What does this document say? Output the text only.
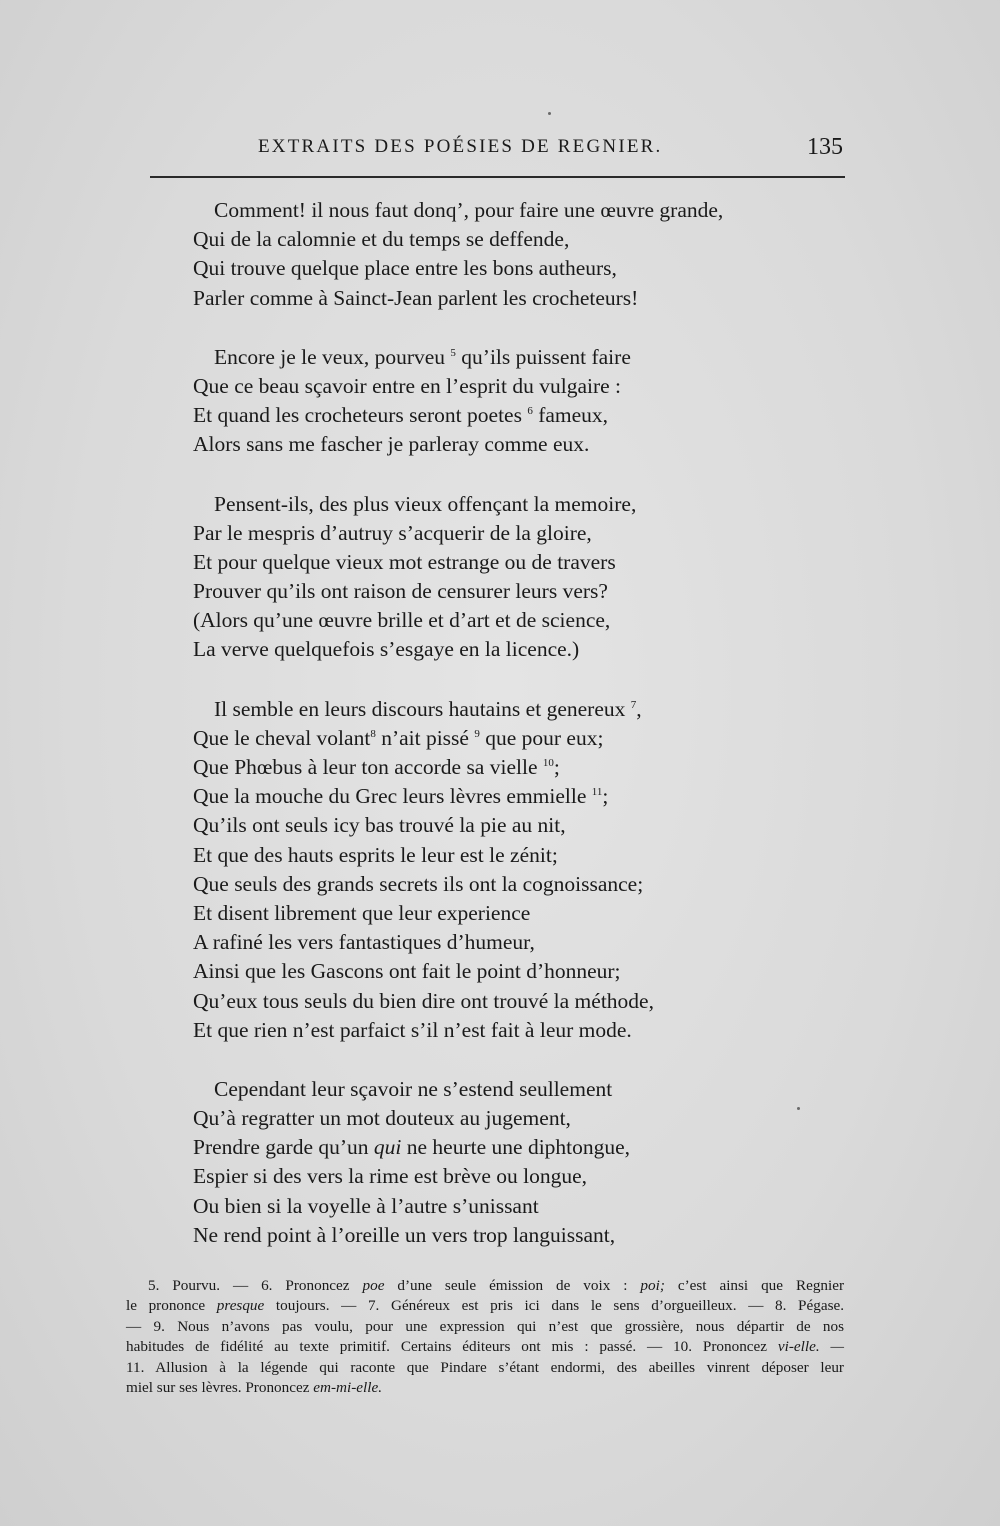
EXTRAITS DES POÉSIES DE REGNIER.	135
Comment! il nous faut donq’, pour faire une œuvre grande,
Qui de la calomnie et du temps se deffende,
Qui trouve quelque place entre les bons autheurs,
Parler comme à Sainct-Jean parlent les crocheteurs!
Encore je le veux, pourveu $^5$ qu’ils puissent faire
Que ce beau sçavoir entre en l’esprit du vulgaire :
Et quand les crocheteurs seront poetes $^6$ fameux,
Alors sans me fascher je parleray comme eux.
Pensent-ils, des plus vieux offençant la memoire,
Par le mespris d’autruy s’acquerir de la gloire,
Et pour quelque vieux mot estrange ou de travers
Prouver qu’ils ont raison de censurer leurs vers?
(Alors qu’une œuvre brille et d’art et de science,
La verve quelquefois s’esgaye en la licence.)
Il semble en leurs discours hautains et genereux $^7$,
Que le cheval volant$^8$ n’ait pissé $^9$ que pour eux;
Que Phœbus à leur ton accorde sa vielle $^{10}$;
Que la mouche du Grec leurs lèvres emmielle $^{11}$;
Qu’ils ont seuls icy bas trouvé la pie au nit,
Et que des hauts esprits le leur est le zénit;
Que seuls des grands secrets ils ont la cognoissance;
Et disent librement que leur experience
A rafiné les vers fantastiques d’humeur,
Ainsi que les Gascons ont fait le point d’honneur;
Qu’eux tous seuls du bien dire ont trouvé la méthode,
Et que rien n’est parfaict s’il n’est fait à leur mode.
Cependant leur sçavoir ne s’estend seullement
Qu’à regratter un mot douteux au jugement,
Prendre garde qu’un qui ne heurte une diphtongue,
Espier si des vers la rime est brève ou longue,
Ou bien si la voyelle à l’autre s’unissant
Ne rend point à l’oreille un vers trop languissant,
5. Pourvu. — 6. Prononcez poe d’une seule émission de voix : poi; c’est ainsi que Regnier
le prononce presque toujours. — 7. Généreux est pris ici dans le sens d’orgueilleux. — 8. Pégase.
— 9. Nous n’avons pas voulu, pour une expression qui n’est que grossière, nous départir de nos
habitudes de fidélité au texte primitif. Certains éditeurs ont mis : passé. — 10. Prononcez vi-elle. —
11. Allusion à la légende qui raconte que Pindare s’étant endormi, des abeilles vinrent déposer leur
miel sur ses lèvres. Prononcez em-mi-elle.
